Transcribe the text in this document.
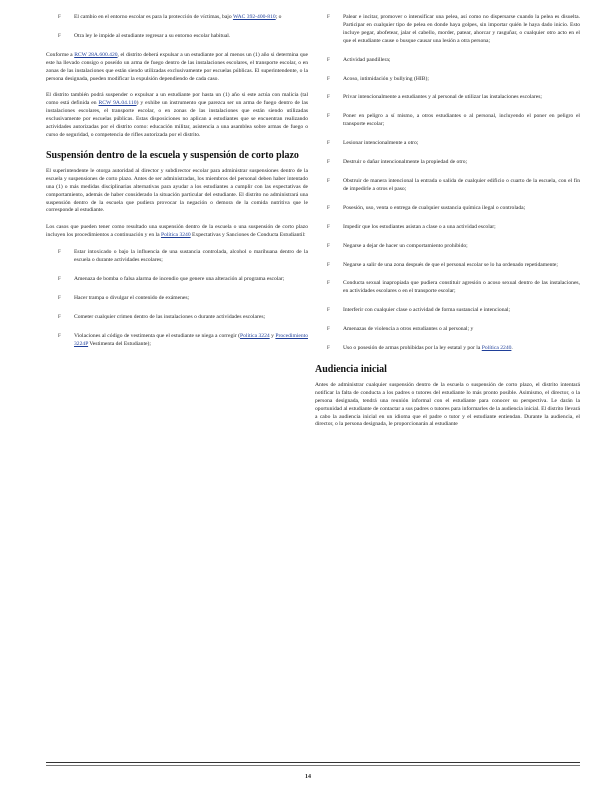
F El cambio en el entorno escolar es para la protección de víctimas, bajo WAC 392-400-810; o
F Otra ley le impide al estudiante regresar a su entorno escolar habitual.

Conforme a RCW 28A.600.420, el distrito deberá expulsar a un estudiante por al menos un (1) año si determina que este ha llevado consigo o poseído un arma de fuego dentro de las instalaciones escolares, el transporte escolar, o en zonas de las instalaciones que están siendo utilizadas exclusivamente por escuelas públicas. El superintendente, o la persona designada, pueden modificar la expulsión dependiendo de cada caso.

El distrito también podrá suspender o expulsar a un estudiante por hasta un (1) año si este actúa con malicia (tal como está definida en RCW 9A.04.110) y exhibe un instrumento que parezca ser un arma de fuego dentro de las instalaciones escolares, el transporte escolar, o en zonas de las instalaciones que están siendo utilizadas exclusivamente por escuelas públicas. Estas disposiciones no aplican a estudiantes que se encuentran realizando actividades autorizadas por el distrito como: educación militar, asistencia a una asamblea sobre armas de fuego o curso de seguridad, o competencia de rifles autorizada por el distrito.

Suspensión dentro de la escuela y suspensión de corto plazo

El superintendente le otorga autoridad al director y subdirector escolar para administrar suspensiones dentro de la escuela y suspensiones de corto plazo. Antes de ser administradas, los miembros del personal deben haber intentado una (1) o más medidas disciplinarias alternativas para ayudar a los estudiantes a cumplir con las expectativas de comportamiento, además de haber considerado la situación particular del estudiante. El distrito no administrará una suspensión dentro de la escuela que pudiera provocar la negación o demora de la comida nutritiva que le corresponde al estudiante.

Los casos que pueden tener como resultado una suspensión dentro de la escuela o una suspensión de corto plazo incluyen los procedimientos a continuación y en la Política 3240 Expectativas y Sanciones de Conducta Estudiantil:

F Estar intoxicado o bajo la influencia de una sustancia controlada, alcohol o marihuana dentro de la escuela o durante actividades escolares;
F Amenaza de bomba o falsa alarma de incendio que genere una alteración al programa escolar;
F Hacer trampa o divulgar el contenido de exámenes;
F Cometer cualquier crimen dentro de las instalaciones o durante actividades escolares;
F Violaciones al código de vestimenta que el estudiante se niega a corregir (Política 3224 y Procedimiento 3224P Vestimenta del Estudiante);
F Palear e incitar, promover o intensificar una pelea, así como no dispersarse cuando la pelea es disuelta. Participar en cualquier tipo de pelea en donde haya golpes, sin importar quién le haya dado inicio. Esto incluye pegar, abofetear, jalar el cabello, morder, patear, ahorcar y rasguñar, o cualquier otro acto en el que el estudiante cause o busque causar una lesión a otra persona;
F Actividad pandillera;
F Acoso, intimidación y bullying (HIB);
F Privar intencionalmente a estudiantes y al personal de utilizar las instalaciones escolares;
F Poner en peligro a sí mismo, a otros estudiantes o al personal, incluyendo el poner en peligro el transporte escolar;
F Lesionar intencionalmente a otro;
F Destruir o dañar intencionalmente la propiedad de otro;
F Obstruir de manera intencional la entrada o salida de cualquier edificio o cuarto de la escuela, con el fin de impedirle a otros el paso;
F Posesión, uso, venta o entrega de cualquier sustancia química ilegal o controlada;
F Impedir que los estudiantes asistan a clase o a una actividad escolar;
F Negarse a dejar de hacer un comportamiento prohibido;
F Negarse a salir de una zona después de que el personal escolar se lo ha ordenado repetidamente;
F Conducta sexual inapropiada que pudiera constituir agresión o acoso sexual dentro de las instalaciones, en actividades escolares o en el transporte escolar;
F Interferir con cualquier clase o actividad de forma sustancial e intencional;
F Amenazas de violencia a otros estudiantes o al personal; y
F Uso o posesión de armas prohibidas por la ley estatal y por la Política 2240.
Audiencia inicial

Antes de administrar cualquier suspensión dentro de la escuela o suspensión de corto plazo, el distrito intentará notificar la falta de conducta a los padres o tutores del estudiante lo más pronto posible. Asimismo, el director, o la persona designada, tendrá una reunión informal con el estudiante para conocer su perspectiva. Le darán la oportunidad al estudiante de contactar a sus padres o tutores para informarles de la audiencia inicial. El distrito llevará a cabo la audiencia inicial en un idioma que el padre o tutor y el estudiante entiendan. Durante la audiencia, el director, o la persona designada, le proporcionarán al estudiante

14
